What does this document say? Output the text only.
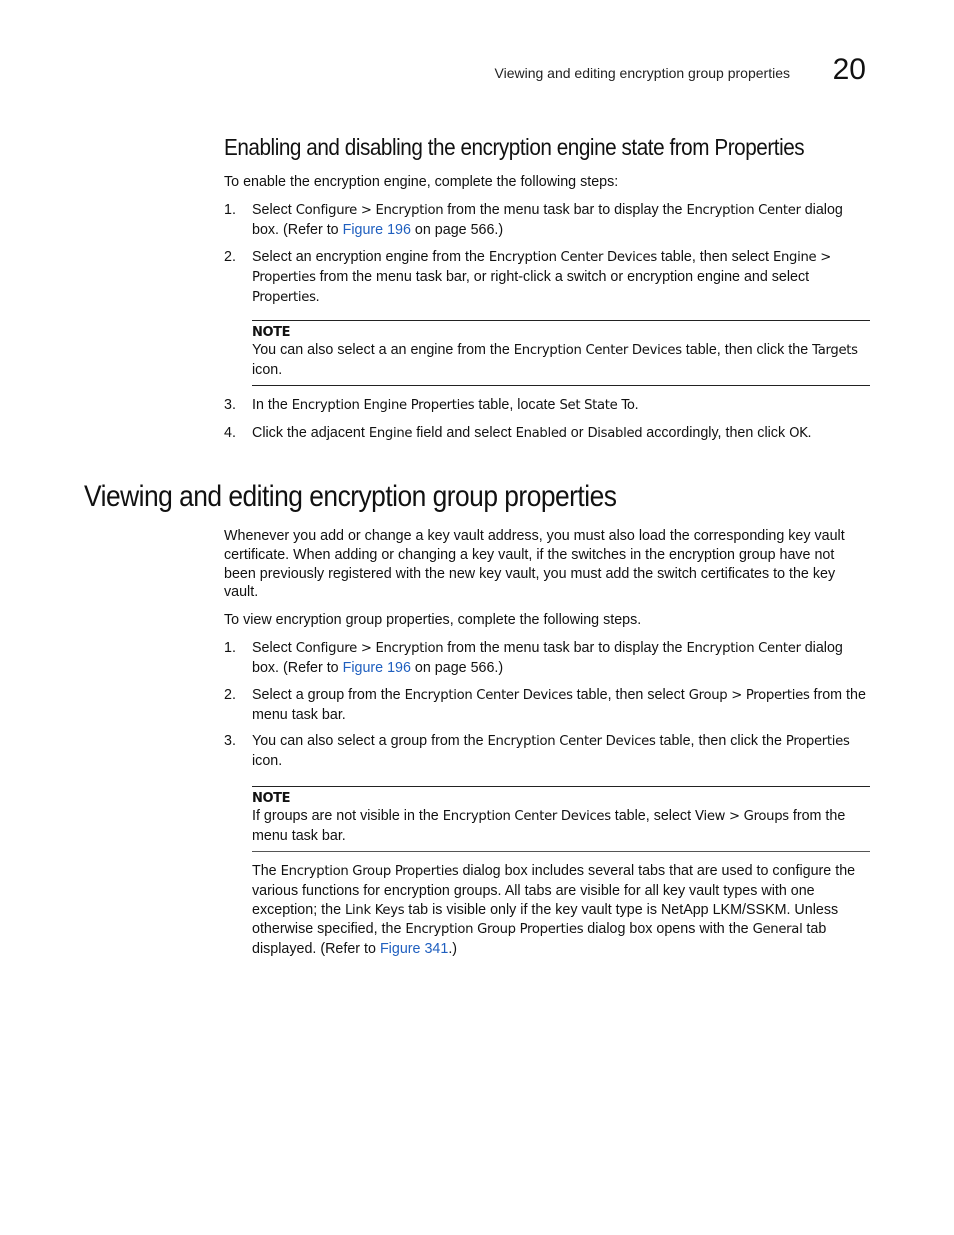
Viewing and editing encryption group properties 20
Enabling and disabling the encryption engine state from Properties
To enable the encryption engine, complete the following steps:
1. Select Configure > Encryption from the menu task bar to display the Encryption Center dialog box. (Refer to Figure 196 on page 566.)
2. Select an encryption engine from the Encryption Center Devices table, then select Engine > Properties from the menu task bar, or right-click a switch or encryption engine and select Properties.
NOTE
You can also select a an engine from the Encryption Center Devices table, then click the Targets icon.
3. In the Encryption Engine Properties table, locate Set State To.
4. Click the adjacent Engine field and select Enabled or Disabled accordingly, then click OK.
Viewing and editing encryption group properties
Whenever you add or change a key vault address, you must also load the corresponding key vault certificate. When adding or changing a key vault, if the switches in the encryption group have not been previously registered with the new key vault, you must add the switch certificates to the key vault.
To view encryption group properties, complete the following steps.
1. Select Configure > Encryption from the menu task bar to display the Encryption Center dialog box. (Refer to Figure 196 on page 566.)
2. Select a group from the Encryption Center Devices table, then select Group > Properties from the menu task bar.
3. You can also select a group from the Encryption Center Devices table, then click the Properties icon.
NOTE
If groups are not visible in the Encryption Center Devices table, select View > Groups from the menu task bar.
The Encryption Group Properties dialog box includes several tabs that are used to configure the various functions for encryption groups. All tabs are visible for all key vault types with one exception; the Link Keys tab is visible only if the key vault type is NetApp LKM/SSKM. Unless otherwise specified, the Encryption Group Properties dialog box opens with the General tab displayed. (Refer to Figure 341.)
